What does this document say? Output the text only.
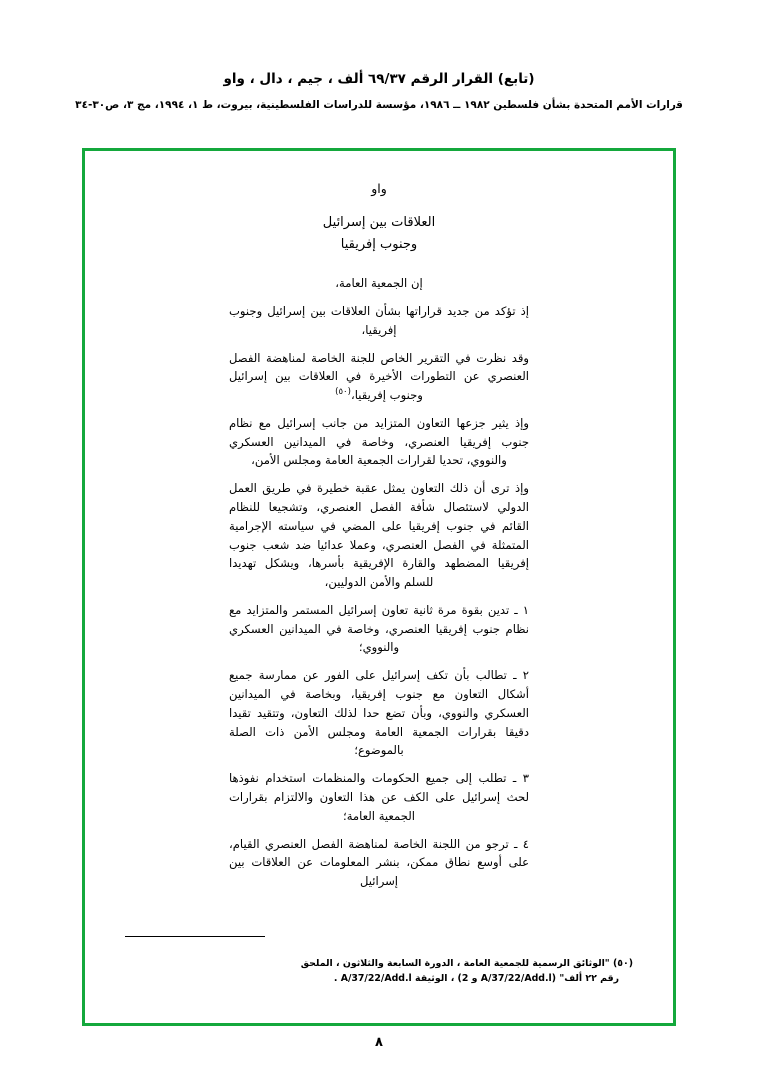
(تابع) القرار الرقم ٦٩/٣٧ ألف ، جيم ، دال ، واو
ﻗرارات الأمم المتحدة بشأن فلسطين ١٩٨٢ ــ ١٩٨٦، مؤسسة للدراسات الفلسطينية، بيروت، ط ١، ١٩٩٤، مج ٣، ص٣٠-٣٤
واو
العلاقات بين إسرائيل
وجنوب إفريقيا

إن الجمعية العامة،

إذ تؤكد من جديد قراراتها بشأن العلاقات بين إسرائيل وجنوب إفريقيا،

وقد نظرت في التقرير الخاص للجنة الخاصة لمناهضة الفصل العنصري عن التطورات الأخيرة في العلاقات بين إسرائيل وجنوب إفريقيا،$^{(٥٠)}$

وإذ يثير جزعها التعاون المتزايد من جانب إسرائيل مع نظام جنوب إفريقيا العنصري، وخاصة في الميدانين العسكري والنووي، تحديا لقرارات الجمعية العامة ومجلس الأمن،

وإذ ترى أن ذلك التعاون يمثل عقبة خطيرة في طريق العمل الدولي لاستئصال شأفة الفصل العنصري، وتشجيعا للنظام القائم في جنوب إفريقيا على المضي في سياسته الإجرامية المتمثلة في الفصل العنصري، وعملا عدائيا ضد شعب جنوب إفريقيا المضطهد والقارة الإفريقية بأسرها، ويشكل تهديدا للسلم والأمن الدوليين،

١ ـ تدين بقوة مرة ثانية تعاون إسرائيل المستمر والمتزايد مع نظام جنوب إفريقيا العنصري، وخاصة في الميدانين العسكري والنووي؛

٢ ـ تطالب بأن تكف إسرائيل على الفور عن ممارسة جميع أشكال التعاون مع جنوب إفريقيا، وبخاصة في الميدانين العسكري والنووي، وبأن تضع حدا لذلك التعاون، وتتقيد تقيدا دقيقا بقرارات الجمعية العامة ومجلس الأمن ذات الصلة بالموضوع؛

٣ ـ تطلب إلى جميع الحكومات والمنظمات استخدام نفوذها لحث إسرائيل على الكف عن هذا التعاون والالتزام بقرارات الجمعية العامة؛

٤ ـ ترجو من اللجنة الخاصة لمناهضة الفصل العنصري القيام، على أوسع نطاق ممكن، بنشر المعلومات عن العلاقات بين إسرائيل

(٥٠) "الوثائق الرسمية للجمعية العامة ، الدورة السابعة والثلاثون ، الملحق
رقم ٢٢ ألف" (A/37/22/Add.l و 2) ، الوثيقة A/37/22/Add.l .
٨
